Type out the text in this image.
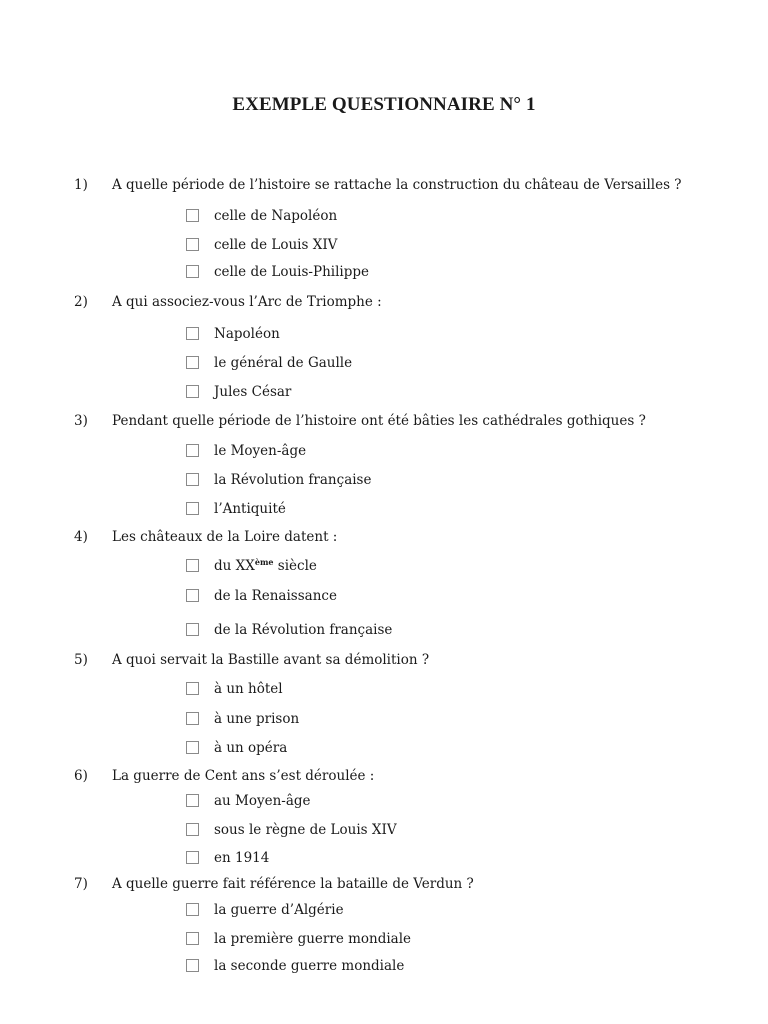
EXEMPLE QUESTIONNAIRE N° 1
1) A quelle période de l’histoire se rattache la construction du château de Versailles ?
celle de Napoléon
celle de Louis XIV
celle de Louis-Philippe
2) A qui associez-vous l’Arc de Triomphe :
Napoléon
le général de Gaulle
Jules César
3) Pendant quelle période de l’histoire ont été bâties les cathédrales gothiques ?
le Moyen-âge
la Révolution française
l’Antiquité
4) Les châteaux de la Loire datent :
du XXème siècle
de la Renaissance
de la Révolution française
5) A quoi servait la Bastille avant sa démolition ?
à un hôtel
à une prison
à un opéra
6) La guerre de Cent ans s’est déroulée :
au Moyen-âge
sous le règne de Louis XIV
en 1914
7) A quelle guerre fait référence la bataille de Verdun ?
la guerre d’Algérie
la première guerre mondiale
la seconde guerre mondiale
